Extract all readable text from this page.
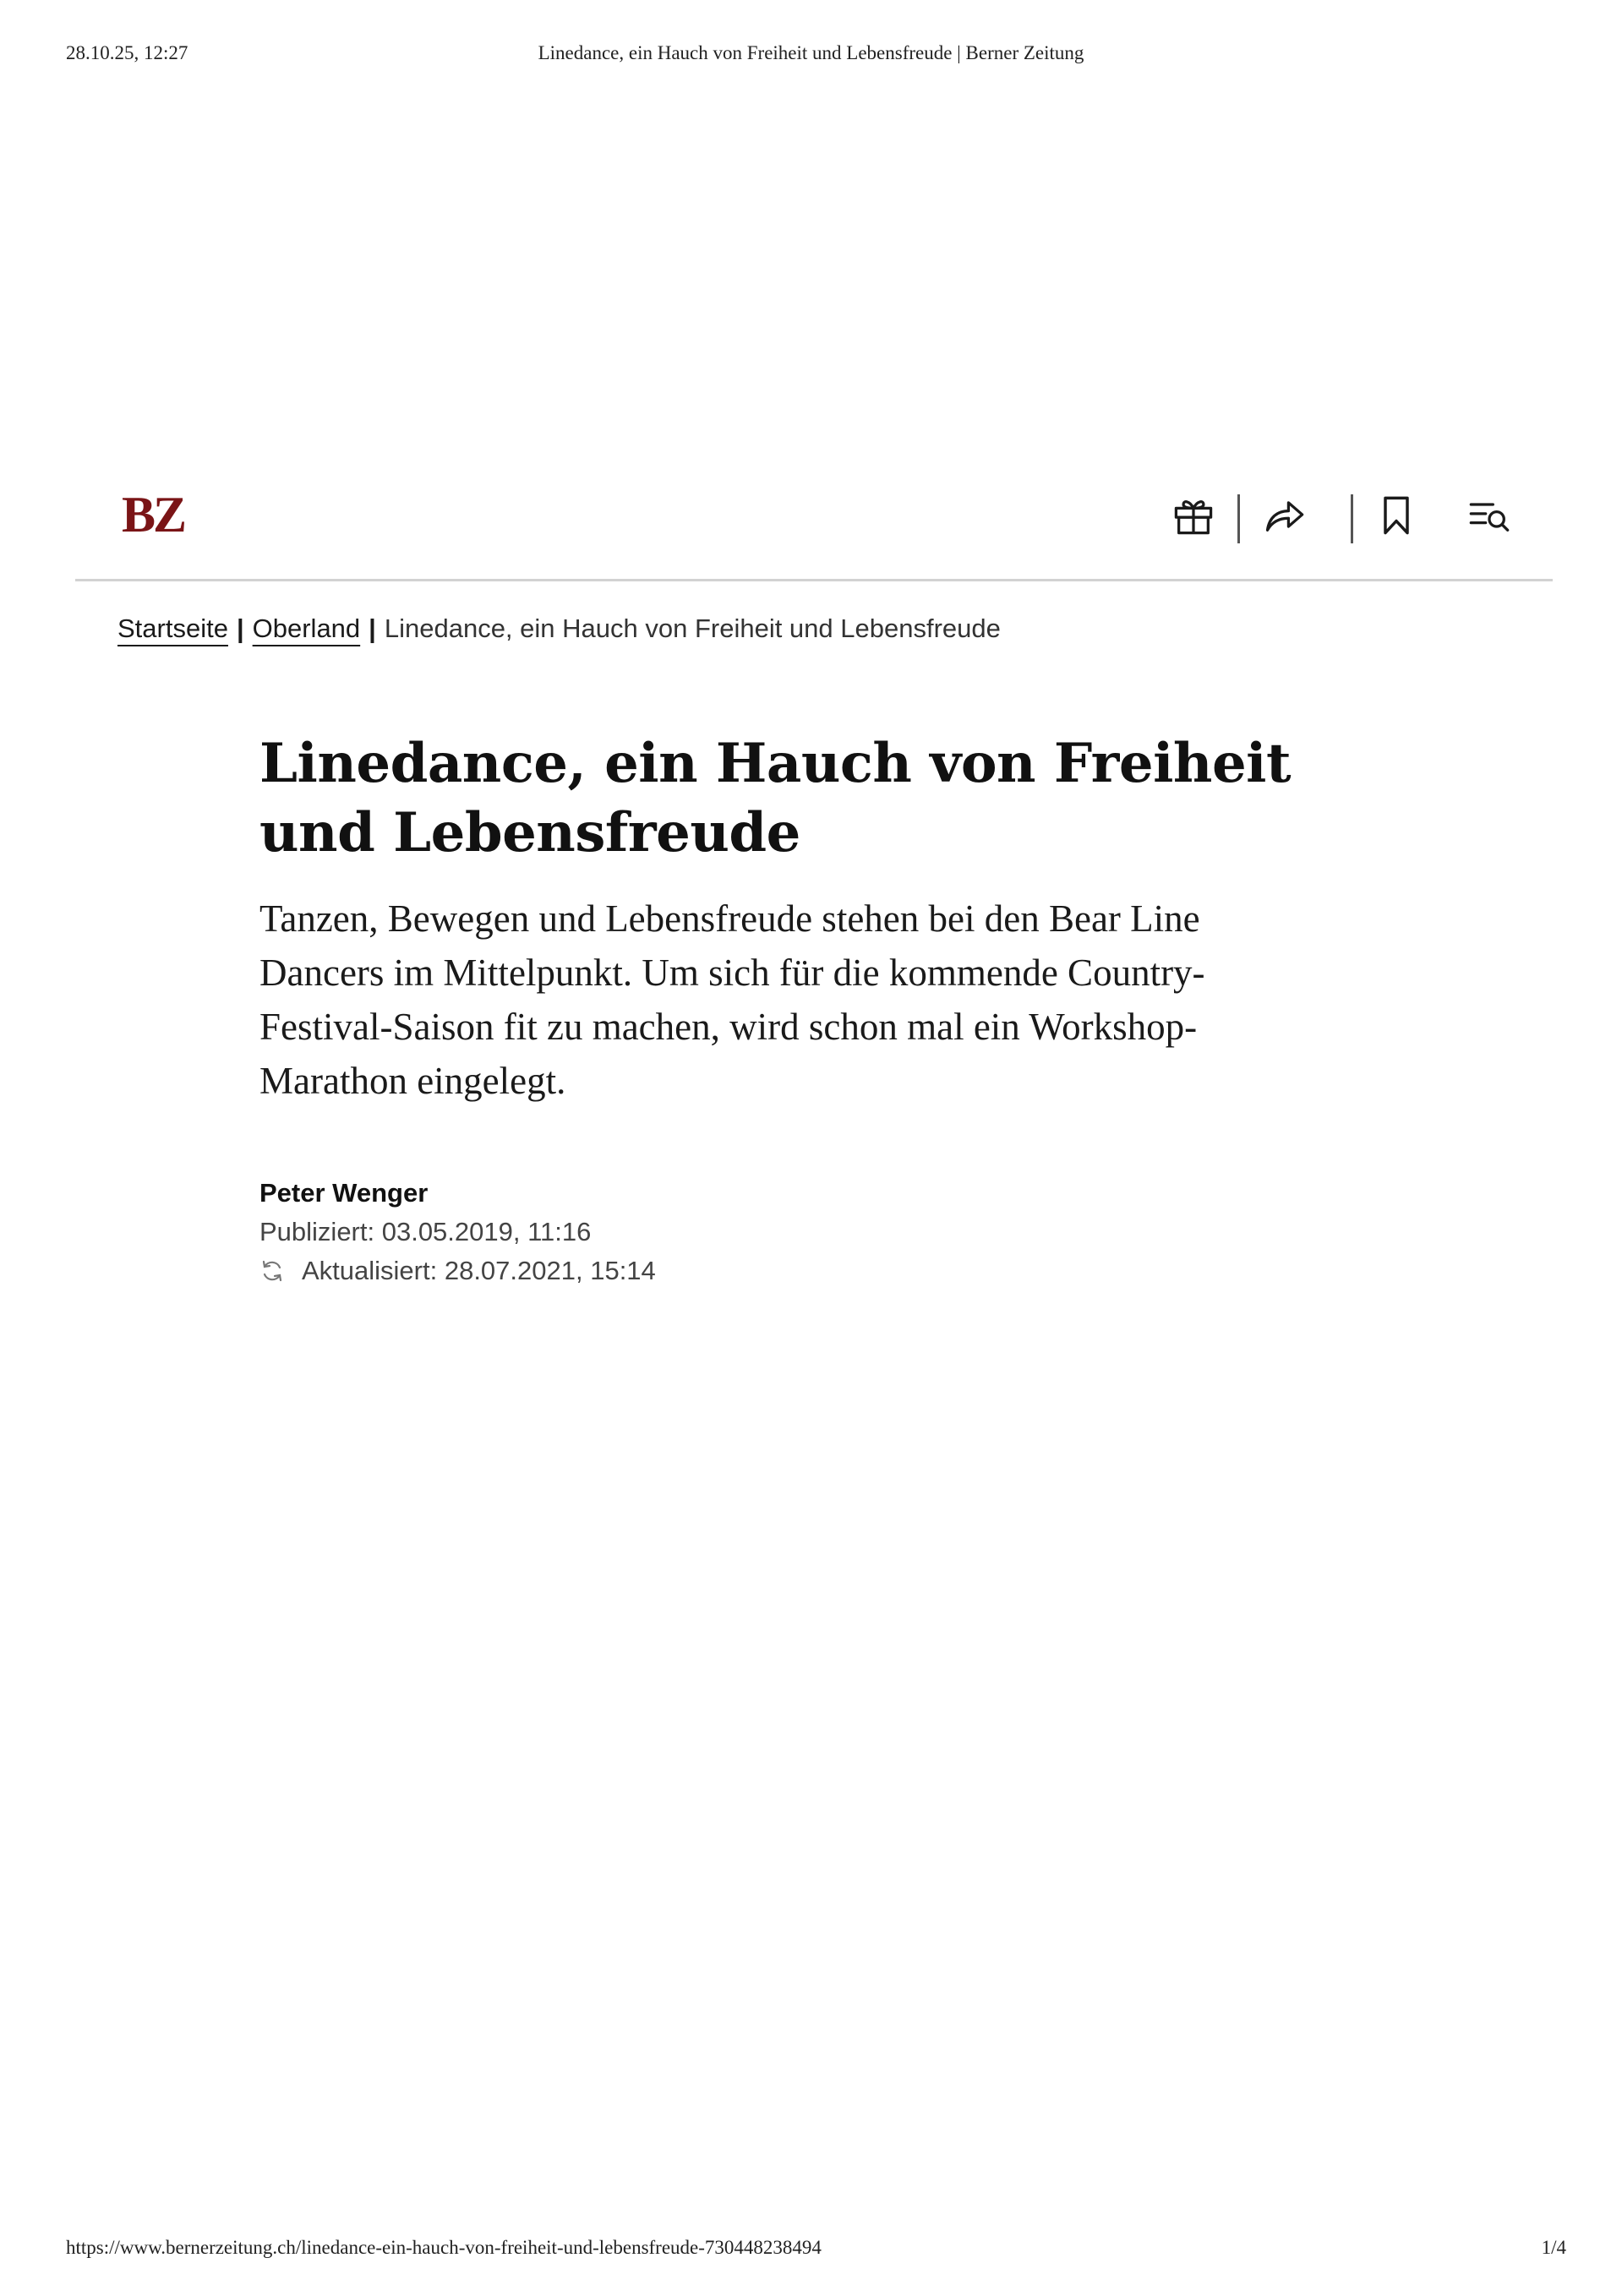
28.10.25, 12:27	Linedance, ein Hauch von Freiheit und Lebensfreude | Berner Zeitung
BZ
Startseite | Oberland | Linedance, ein Hauch von Freiheit und Lebensfreude
Linedance, ein Hauch von Freiheit und Lebensfreude

Tanzen, Bewegen und Lebensfreude stehen bei den Bear Line Dancers im Mittelpunkt. Um sich für die kommende Country-Festival-Saison fit zu machen, wird schon mal ein Workshop-Marathon eingelegt.

Peter Wenger
Publiziert: 03.05.2019, 11:16
Aktualisiert: 28.07.2021, 15:14
https://www.bernerzeitung.ch/linedance-ein-hauch-von-freiheit-und-lebensfreude-730448238494	1/4
